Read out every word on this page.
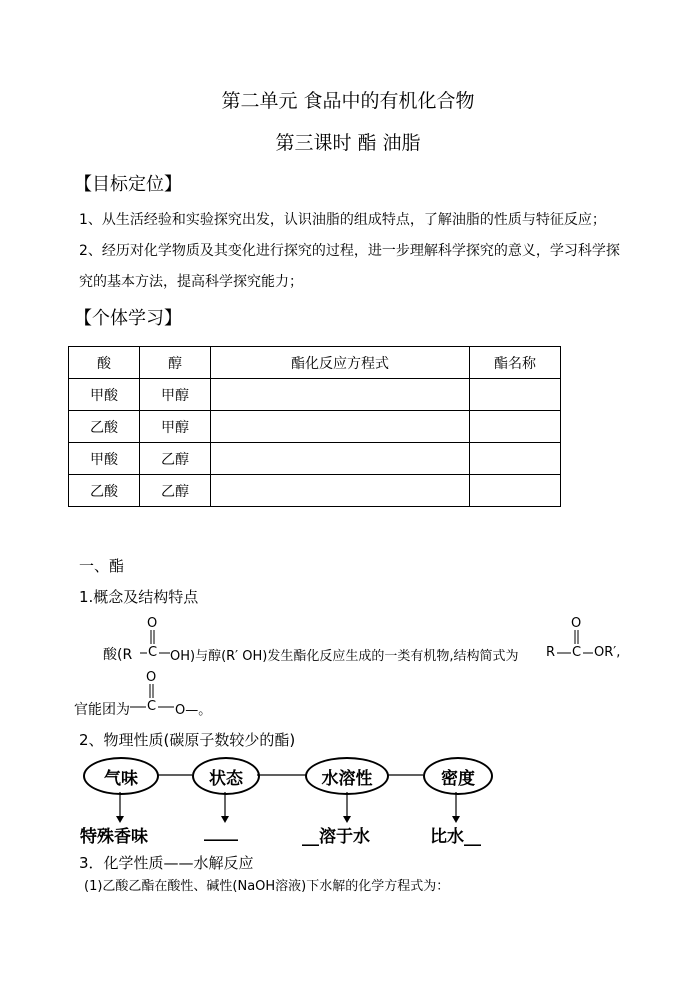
第二单元 食品中的有机化合物
第三课时 酯 油脂
【目标定位】
1、从生活经验和实验探究出发，认识油脂的组成特点，了解油脂的性质与特征反应；
2、经历对化学物质及其变化进行探究的过程，进一步理解科学探究的意义，学习科学探
究的基本方法，提高科学探究能力；
【个体学习】
酸	醇	酯化反应方程式	酯名称
甲酸	甲醇		
乙酸	甲醇		
甲酸	乙醇		
乙酸	乙醇		
一、酯
1.概念及结构特点
O
酸(R C OH)与醇(R′ OH)发生酯化反应生成的一类有机物,结构简式为
O
R C OR′,
O
官能团为 C O—。
2、物理性质(碳原子数较少的酯)
气味	状态	水溶性	密度
特殊香味	____	__溶于水	比水__
3．化学性质——水解反应
(1)乙酸乙酯在酸性、碱性(NaOH溶液)下水解的化学方程式为：
